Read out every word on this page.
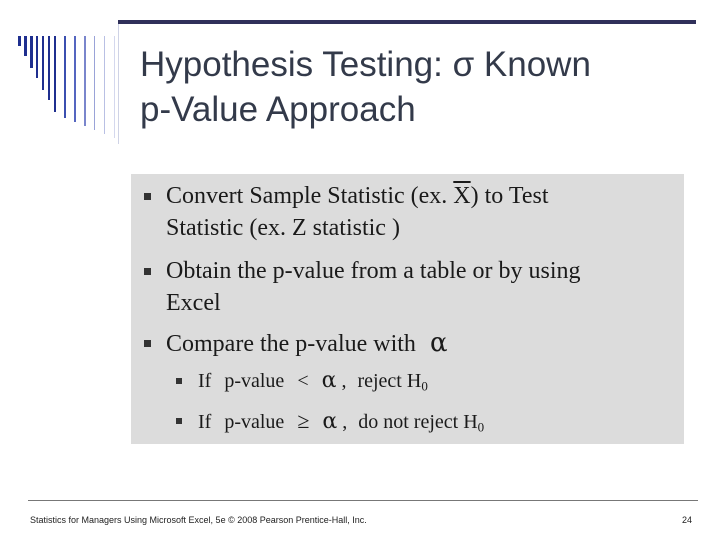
Hypothesis Testing: σ Known
p-Value Approach
Convert Sample Statistic (ex. $\overline{X}$) to Test
Statistic (ex. Z statistic )
Obtain the p-value from a table or by using
Excel
Compare the p-value with α
If p-value < α , reject $H_0$
If p-value ≥ α , do not reject $H_0$
Statistics for Managers Using Microsoft Excel, 5e © 2008 Pearson Prentice-Hall, Inc.	24
